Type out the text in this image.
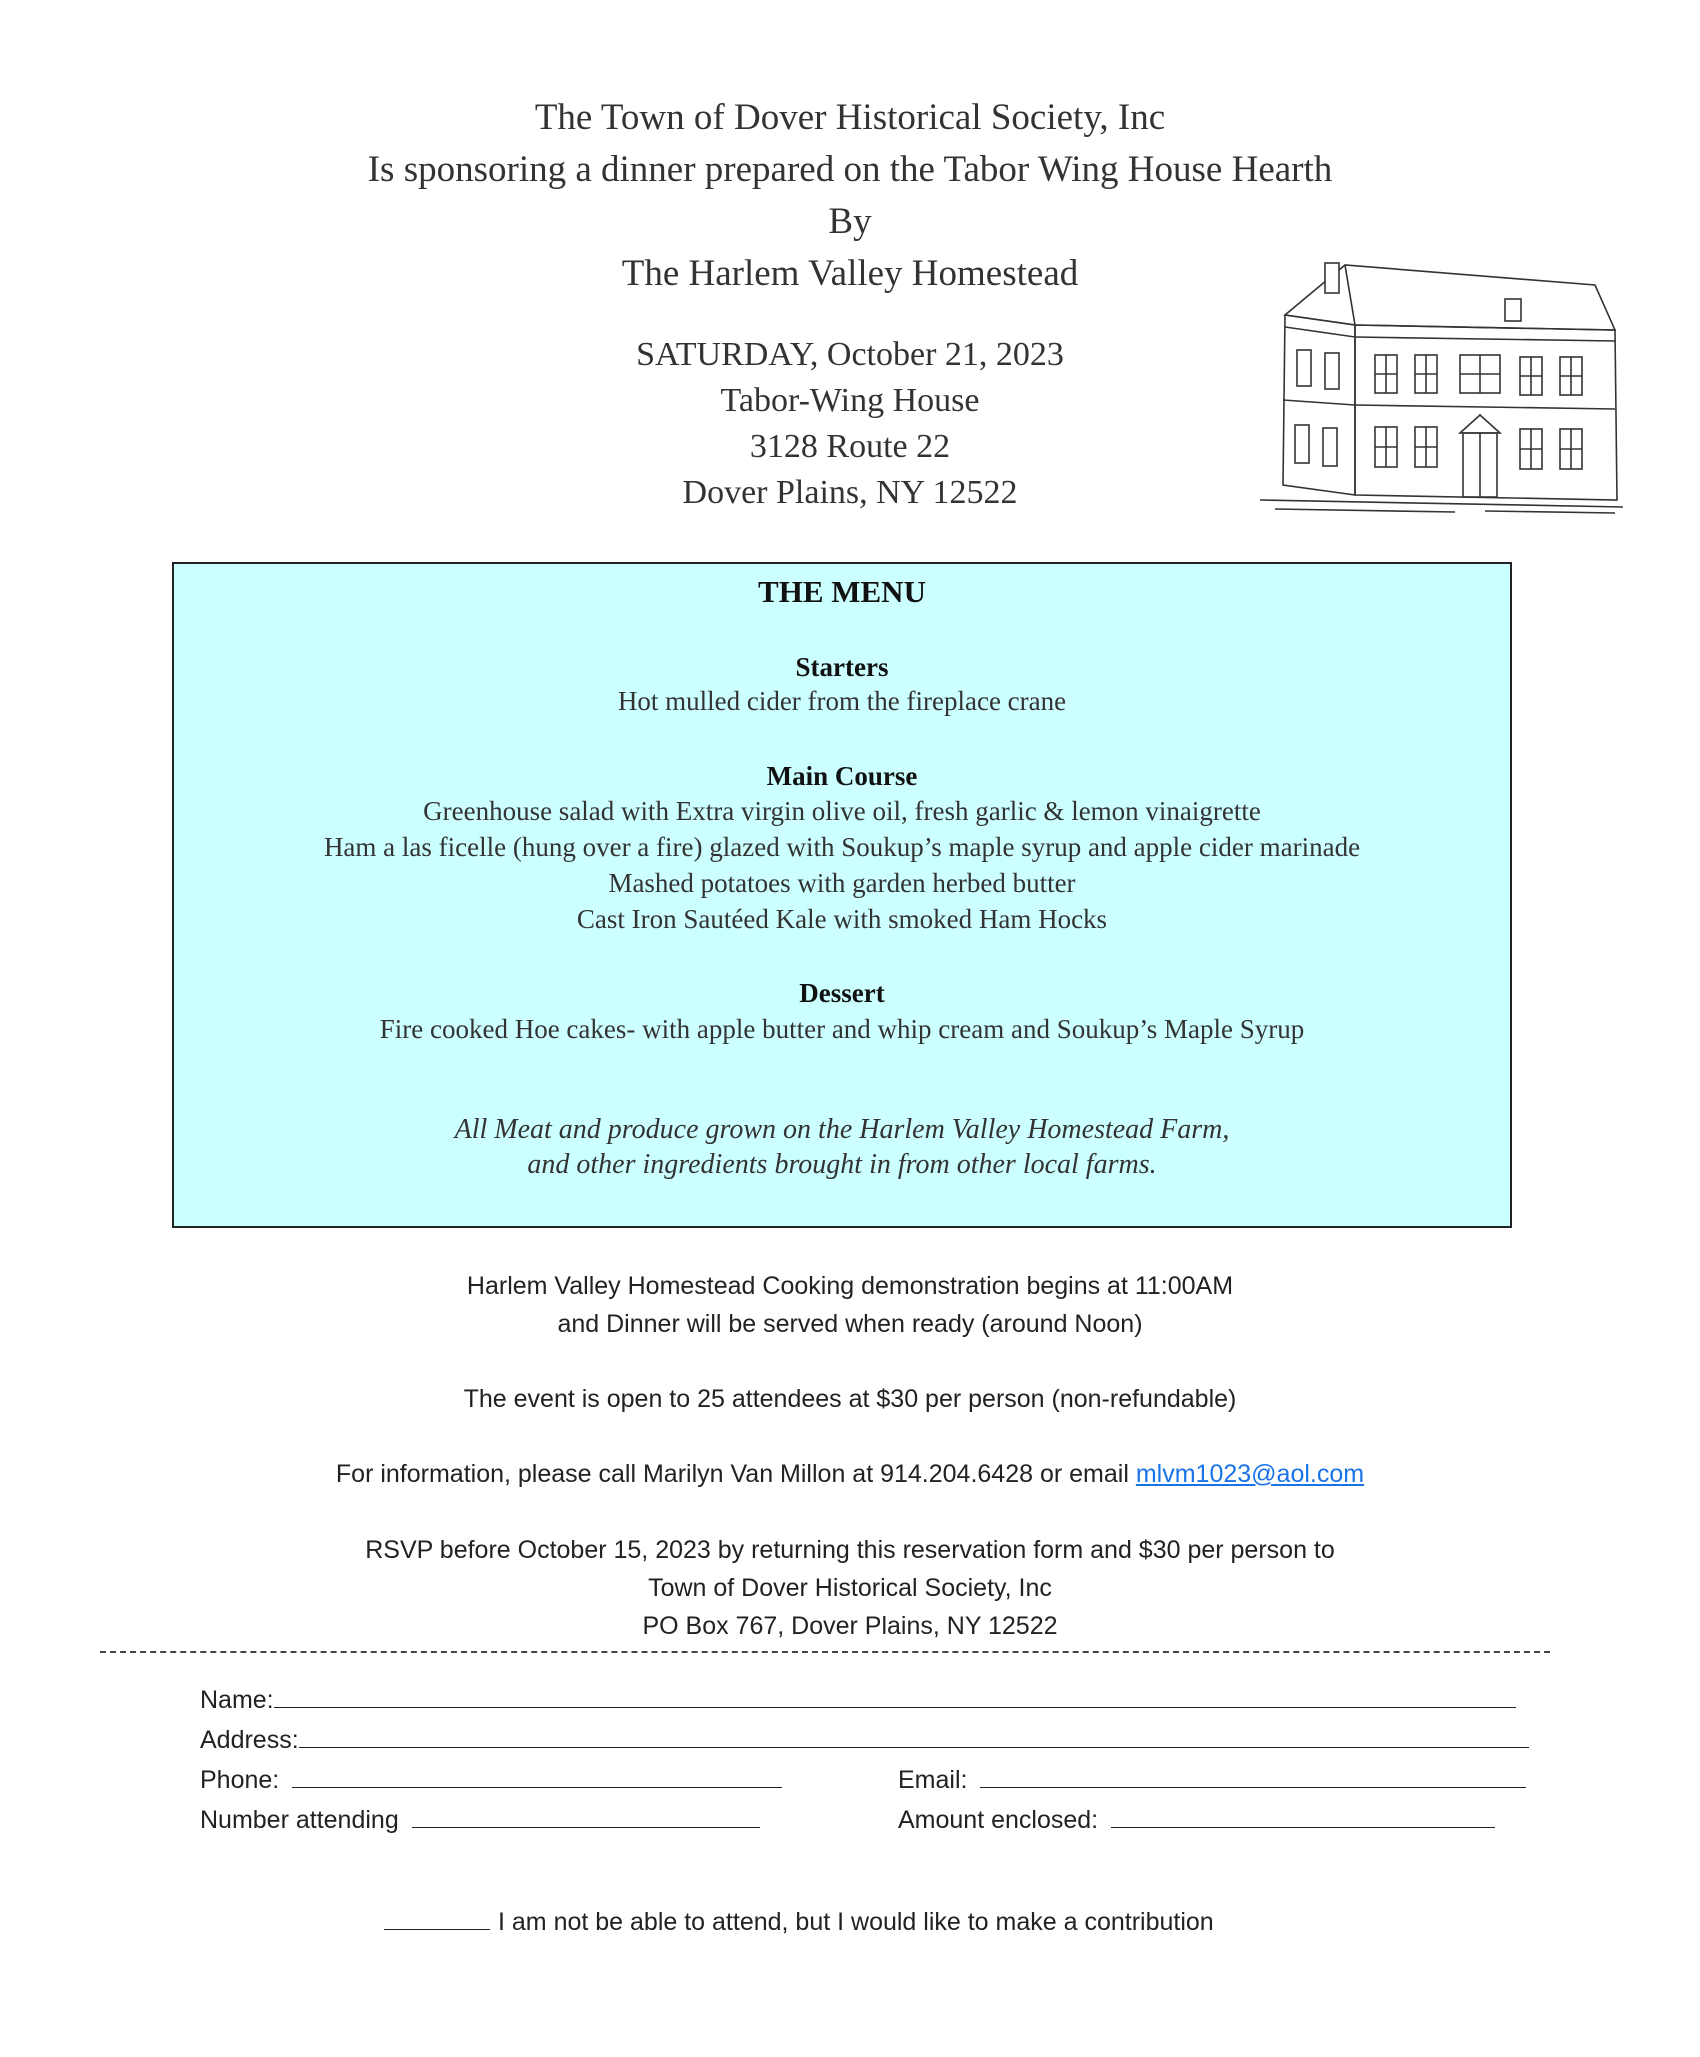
The Town of Dover Historical Society, Inc
Is sponsoring a dinner prepared on the Tabor Wing House Hearth
By
The Harlem Valley Homestead
SATURDAY, October 21, 2023
Tabor-Wing House
3128 Route 22
Dover Plains, NY 12522
THE MENU
Starters
Hot mulled cider from the fireplace crane
Main Course
Greenhouse salad with Extra virgin olive oil, fresh garlic & lemon vinaigrette
Ham a las ficelle (hung over a fire) glazed with Soukup’s maple syrup and apple cider marinade
Mashed potatoes with garden herbed butter
Cast Iron Sautéed Kale with smoked Ham Hocks
Dessert
Fire cooked Hoe cakes- with apple butter and whip cream and Soukup’s Maple Syrup
All Meat and produce grown on the Harlem Valley Homestead Farm,
and other ingredients brought in from other local farms.
Harlem Valley Homestead Cooking demonstration begins at 11:00AM
and Dinner will be served when ready (around Noon)
The event is open to 25 attendees at $30 per person (non-refundable)
For information, please call Marilyn Van Millon at 914.204.6428 or email mlvm1023@aol.com
RSVP before October 15, 2023 by returning this reservation form and $30 per person to
Town of Dover Historical Society, Inc
PO Box 767, Dover Plains, NY 12522
Name:
Address:
Phone:	Email:
Number attending	Amount enclosed:
I am not be able to attend, but I would like to make a contribution
